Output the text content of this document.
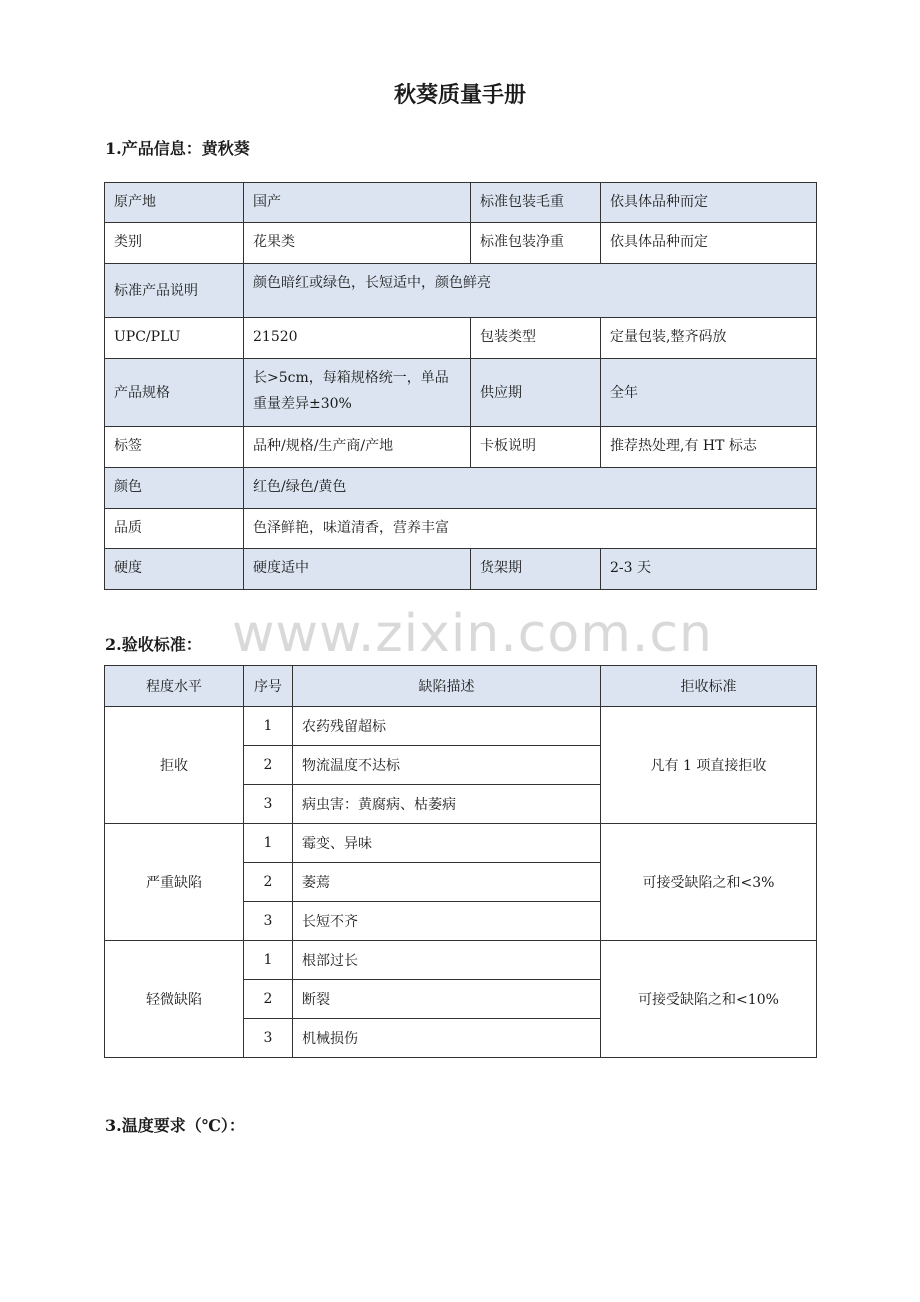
秋葵质量手册
1.产品信息：黄秋葵
原产地	国产	标准包装毛重	依具体品种而定
类别	花果类	标准包装净重	依具体品种而定
标准产品说明	颜色暗红或绿色，长短适中，颜色鲜亮		
UPC/PLU	21520	包装类型	定量包装,整齐码放
产品规格	长>5cm，每箱规格统一，单品重量差异±30%	供应期	全年
标签	品种/规格/生产商/产地	卡板说明	推荐热处理,有 HT 标志
颜色	红色/绿色/黄色		
品质	色泽鲜艳，味道清香，营养丰富		
硬度	硬度适中	货架期	2-3 天
www.zixin.com.cn
2.验收标准：
程度水平	序号	缺陷描述	拒收标准
拒收	1	农药残留超标	凡有 1 项直接拒收
	2	物流温度不达标	
	3	病虫害：黄腐病、枯萎病	
严重缺陷	1	霉变、异味	可接受缺陷之和<3%
	2	萎蔫	
	3	长短不齐	
轻微缺陷	1	根部过长	可接受缺陷之和<10%
	2	断裂	
	3	机械损伤	
3.温度要求（℃）：
